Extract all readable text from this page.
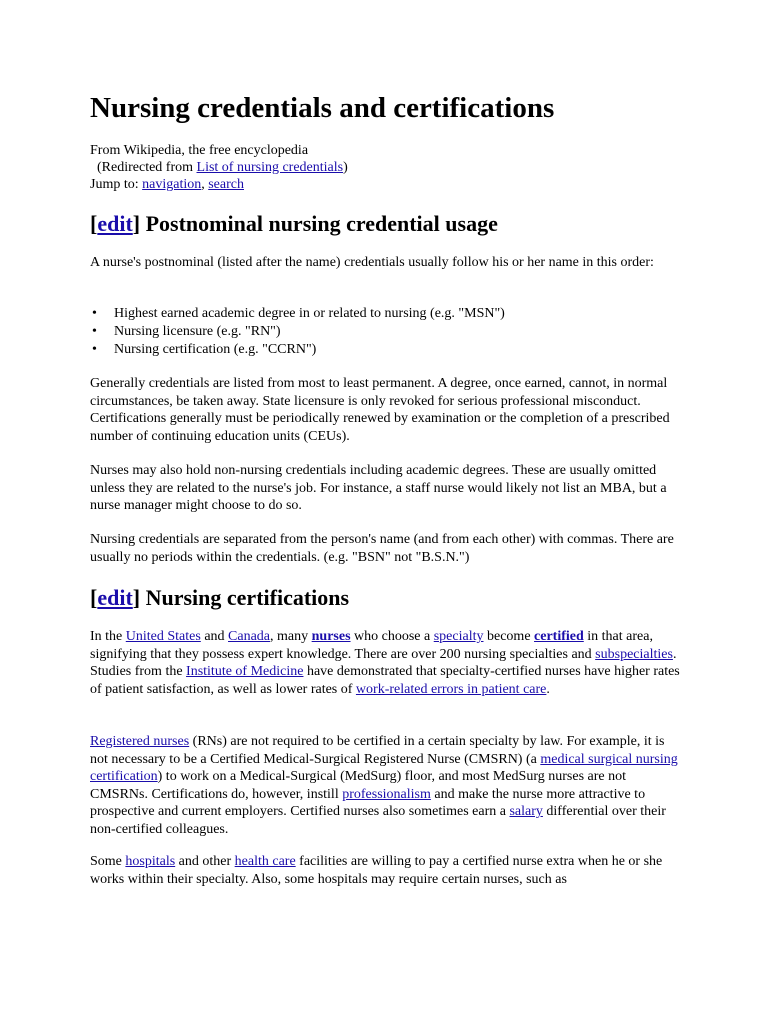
Nursing credentials and certifications
From Wikipedia, the free encyclopedia
(Redirected from List of nursing credentials)
Jump to: navigation, search
[edit] Postnominal nursing credential usage
A nurse's postnominal (listed after the name) credentials usually follow his or her name in this order:
• Highest earned academic degree in or related to nursing (e.g. "MSN")
• Nursing licensure (e.g. "RN")
• Nursing certification (e.g. "CCRN")
Generally credentials are listed from most to least permanent. A degree, once earned, cannot, in normal circumstances, be taken away. State licensure is only revoked for serious professional misconduct. Certifications generally must be periodically renewed by examination or the completion of a prescribed number of continuing education units (CEUs).
Nurses may also hold non-nursing credentials including academic degrees. These are usually omitted unless they are related to the nurse's job. For instance, a staff nurse would likely not list an MBA, but a nurse manager might choose to do so.
Nursing credentials are separated from the person's name (and from each other) with commas. There are usually no periods within the credentials. (e.g. "BSN" not "B.S.N.")
[edit] Nursing certifications
In the United States and Canada, many nurses who choose a specialty become certified in that area, signifying that they possess expert knowledge. There are over 200 nursing specialties and subspecialties. Studies from the Institute of Medicine have demonstrated that specialty-certified nurses have higher rates of patient satisfaction, as well as lower rates of work-related errors in patient care.
Registered nurses (RNs) are not required to be certified in a certain specialty by law. For example, it is not necessary to be a Certified Medical-Surgical Registered Nurse (CMSRN) (a medical surgical nursing certification) to work on a Medical-Surgical (MedSurg) floor, and most MedSurg nurses are not CMSRNs. Certifications do, however, instill professionalism and make the nurse more attractive to prospective and current employers. Certified nurses also sometimes earn a salary differential over their non-certified colleagues.
Some hospitals and other health care facilities are willing to pay a certified nurse extra when he or she works within their specialty. Also, some hospitals may require certain nurses, such as
